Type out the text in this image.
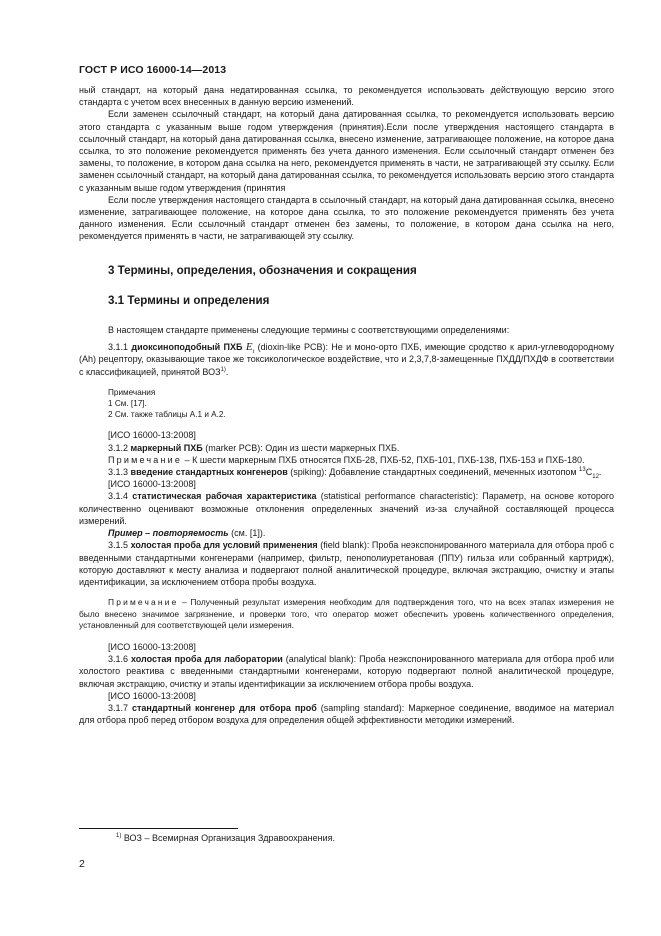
ГОСТ Р ИСО 16000-14—2013

ный стандарт, на который дана недатированная ссылка, то рекомендуется использовать действующую версию этого стандарта с учетом всех внесенных в данную версию изменений.

Если заменен ссылочный стандарт, на который дана датированная ссылка, то рекомендуется использовать версию этого стандарта с указанным выше годом утверждения (принятия).Если после утверждения настоящего стандарта в ссылочный стандарт, на который дана датированная ссылка, внесено изменение, затрагивающее положение, на которое дана ссылка, то это положение рекомендуется применять без учета данного изменения. Если ссылочный стандарт отменен без замены, то положение, в котором дана ссылка на него, рекомендуется применять в части, не затрагивающей эту ссылку. Если заменен ссылочный стандарт, на который дана датированная ссылка, то рекомендуется использовать версию этого стандарта с указанным выше годом утверждения (принятия

Если после утверждения настоящего стандарта в ссылочный стандарт, на который дана датированная ссылка, внесено изменение, затрагивающее положение, на которое дана ссылка, то это положение рекомендуется применять без учета данного изменения. Если ссылочный стандарт отменен без замены, то положение, в котором дана ссылка на него, рекомендуется применять в части, не затрагивающей эту ссылку.

3 Термины, определения, обозначения и сокращения

3.1 Термины и определения

В настоящем стандарте применены следующие термины с соответствующими определениями:

3.1.1 диоксиноподобный ПХБ $E_t$ (dioxin-like PCB): Не и моно-орто ПХБ, имеющие сродство к арил-углеводородному (Ah) рецептору, оказывающие такое же токсикологическое воздействие, что и 2,3,7,8-замещенные ПХДД/ПХДФ в соответствии с классификацией, принятой ВОЗ$^{1)}$.

Примечания
1 См. [17].
2 См. также таблицы А.1 и А.2.

[ИСО 16000-13:2008]

3.1.2 маркерный ПХБ (marker PCB): Один из шести маркерных ПХБ.

Примечание – К шести маркерным ПХБ относятся ПХБ-28, ПХБ-52, ПХБ-101, ПХБ-138, ПХБ-153 и ПХБ-180.

3.1.3 введение стандартных конгенеров (spiking): Добавление стандартных соединений, меченных изотопом $^{13}C_{12}$.

[ИСО 16000-13:2008]

3.1.4 статистическая рабочая характеристика (statistical performance characteristic): Параметр, на основе которого количественно оценивают возможные отклонения определенных значений из-за случайной составляющей процесса измерений.

Пример – повторяемость (см. [1]).

3.1.5 холостая проба для условий применения (field blank): Проба неэкспонированного материала для отбора проб с введенными стандартными конгенерами (например, фильтр, пенополиуретановая (ППУ) гильза или собранный картридж), которую доставляют к месту анализа и подвергают полной аналитической процедуре, включая экстракцию, очистку и этапы идентификации, за исключением отбора пробы воздуха.

Примечание – Полученный результат измерения необходим для подтверждения того, что на всех этапах измерения не было внесено значимое загрязнение, и проверки того, что оператор может обеспечить уровень количественного определения, установленный для соответствующей цели измерения.

[ИСО 16000-13:2008]

3.1.6 холостая проба для лаборатории (analytical blank): Проба неэкспонированного материала для отбора проб или холостого реактива с введенными стандартными конгенерами, которую подвергают полной аналитической процедуре, включая экстракцию, очистку и этапы идентификации за исключением отбора пробы воздуха.

[ИСО 16000-13:2008]

3.1.7 стандартный конгенер для отбора проб (sampling standard): Маркерное соединение, вводимое на материал для отбора проб перед отбором воздуха для определения общей эффективности методики измерений.

$^{1)}$ ВОЗ – Всемирная Организация Здравоохранения.
2
